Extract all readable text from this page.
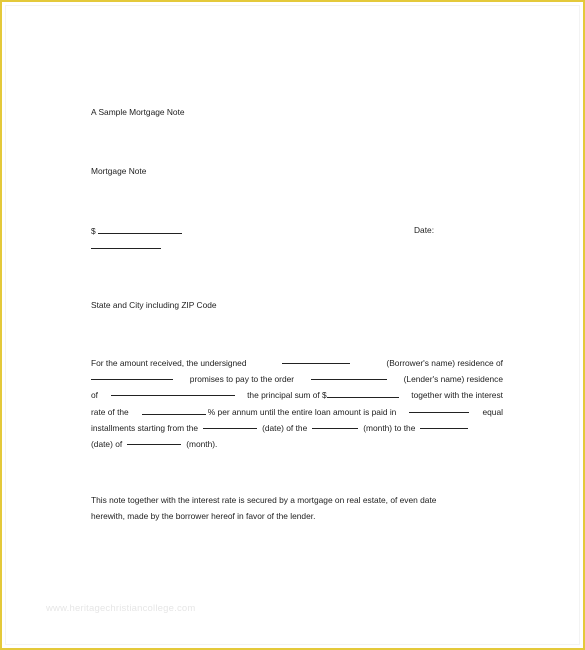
A Sample Mortgage Note
Mortgage Note
$	Date:
State and City including ZIP Code
For the amount received, the undersigned	(Borrower's name) residence of
promises to pay to the order	(Lender's name) residence
of	the principal sum of $	together with the interest
rate of the	% per annum until the entire loan amount is paid in	equal
installments starting from the	(date) of the	(month) to the
(date) of	(month).
This note together with the interest rate is secured by a mortgage on real estate, of even date
herewith, made by the borrower hereof in favor of the lender.
www.heritagechristiancollege.com
